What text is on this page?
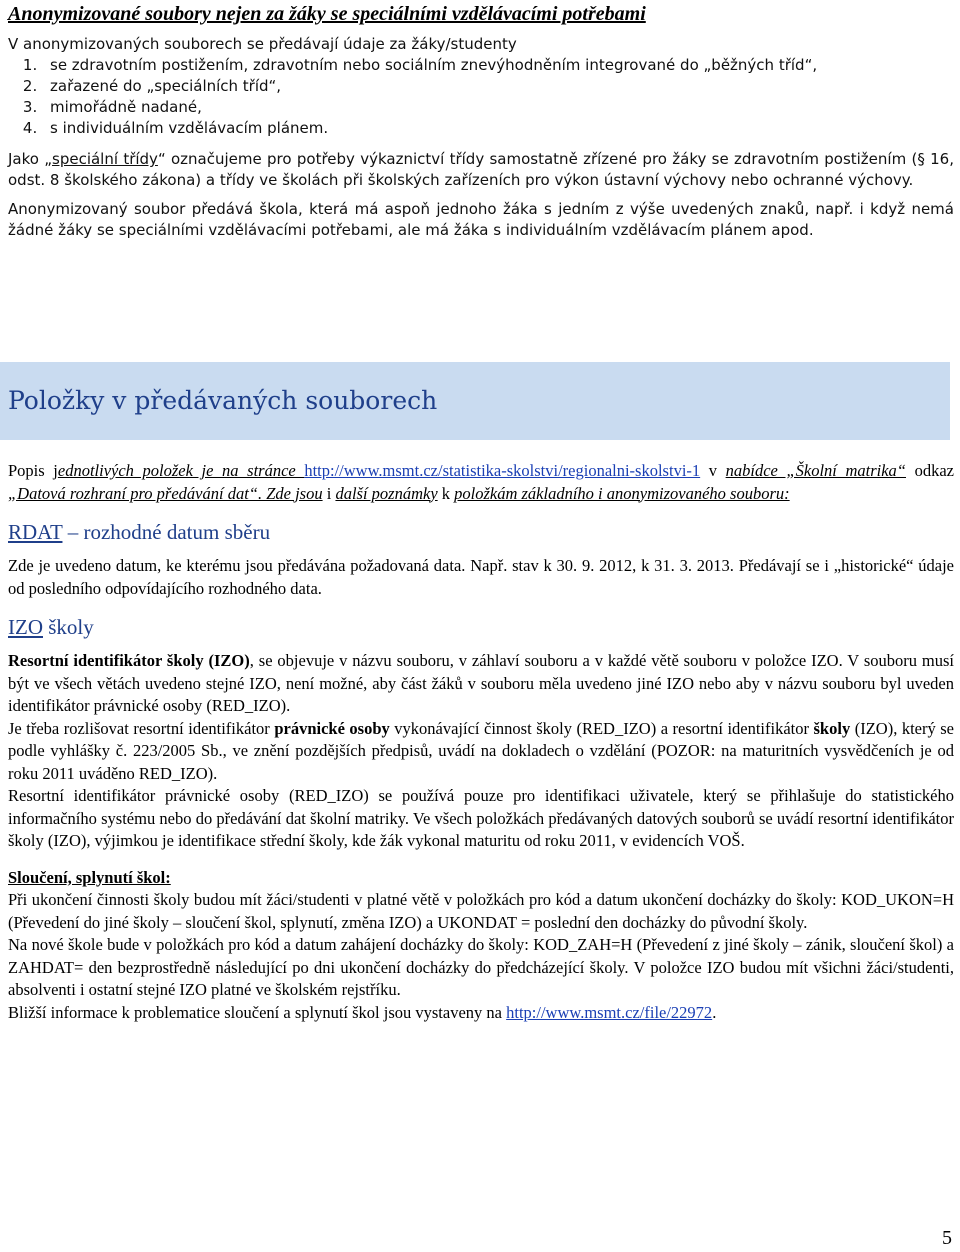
Anonymizované soubory nejen za žáky se speciálními vzdělávacími potřebami

V anonymizovaných souborech se předávají údaje za žáky/studenty

1. se zdravotním postižením, zdravotním nebo sociálním znevýhodněním integrované do „běžných tříd“,
2. zařazené do „speciálních tříd“,
3. mimořádně nadané,
4. s individuálním vzdělávacím plánem.

Jako „speciální třídy“ označujeme pro potřeby výkaznictví třídy samostatně zřízené pro žáky se zdravotním postižením (§ 16, odst. 8 školského zákona) a třídy ve školách při školských zařízeních pro výkon ústavní výchovy nebo ochranné výchovy.

Anonymizovaný soubor předává škola, která má aspoň jednoho žáka s jedním z výše uvedených znaků, např. i když nemá žádné žáky se speciálními vzdělávacími potřebami, ale má žáka s individuálním vzdělávacím plánem apod.

Položky v předávaných souborech

Popis jednotlivých položek je na stránce http://www.msmt.cz/statistika-skolstvi/regionalni-skolstvi-1 v nabídce „Školní matrika“ odkaz „Datová rozhraní pro předávání dat“. Zde jsou i další poznámky k položkám základního i anonymizovaného souboru:

RDAT – rozhodné datum sběru

Zde je uvedeno datum, ke kterému jsou předávána požadovaná data. Např. stav k 30. 9. 2012, k 31. 3. 2013. Předávají se i „historické“ údaje od posledního odpovídajícího rozhodného data.

IZO školy

Resortní identifikátor školy (IZO), se objevuje v názvu souboru, v záhlaví souboru a v každé větě souboru v položce IZO. V souboru musí být ve všech větách uvedeno stejné IZO, není možné, aby část žáků v souboru měla uvedeno jiné IZO nebo aby v názvu souboru byl uveden identifikátor právnické osoby (RED_IZO).

Je třeba rozlišovat resortní identifikátor právnické osoby vykonávající činnost školy (RED_IZO) a resortní identifikátor školy (IZO), který se podle vyhlášky č. 223/2005 Sb., ve znění pozdějších předpisů, uvádí na dokladech o vzdělání (POZOR: na maturitních vysvědčeních je od roku 2011 uváděno RED_IZO).

Resortní identifikátor právnické osoby (RED_IZO) se používá pouze pro identifikaci uživatele, který se přihlašuje do statistického informačního systému nebo do předávání dat školní matriky. Ve všech položkách předávaných datových souborů se uvádí resortní identifikátor školy (IZO), výjimkou je identifikace střední školy, kde žák vykonal maturitu od roku 2011, v evidencích VOŠ.

Sloučení, splynutí škol:

Při ukončení činnosti školy budou mít žáci/studenti v platné větě v položkách pro kód a datum ukončení docházky do školy: KOD_UKON=H (Převedení do jiné školy – sloučení škol, splynutí, změna IZO) a UKONDAT = poslední den docházky do původní školy.

Na nové škole bude v položkách pro kód a datum zahájení docházky do školy: KOD_ZAH=H (Převedení z jiné školy – zánik, sloučení škol) a ZAHDAT= den bezprostředně následující po dni ukončení docházky do předcházející školy. V položce IZO budou mít všichni žáci/studenti, absolventi i ostatní stejné IZO platné ve školském rejstříku.

Bližší informace k problematice sloučení a splynutí škol jsou vystaveny na http://www.msmt.cz/file/22972.

5
